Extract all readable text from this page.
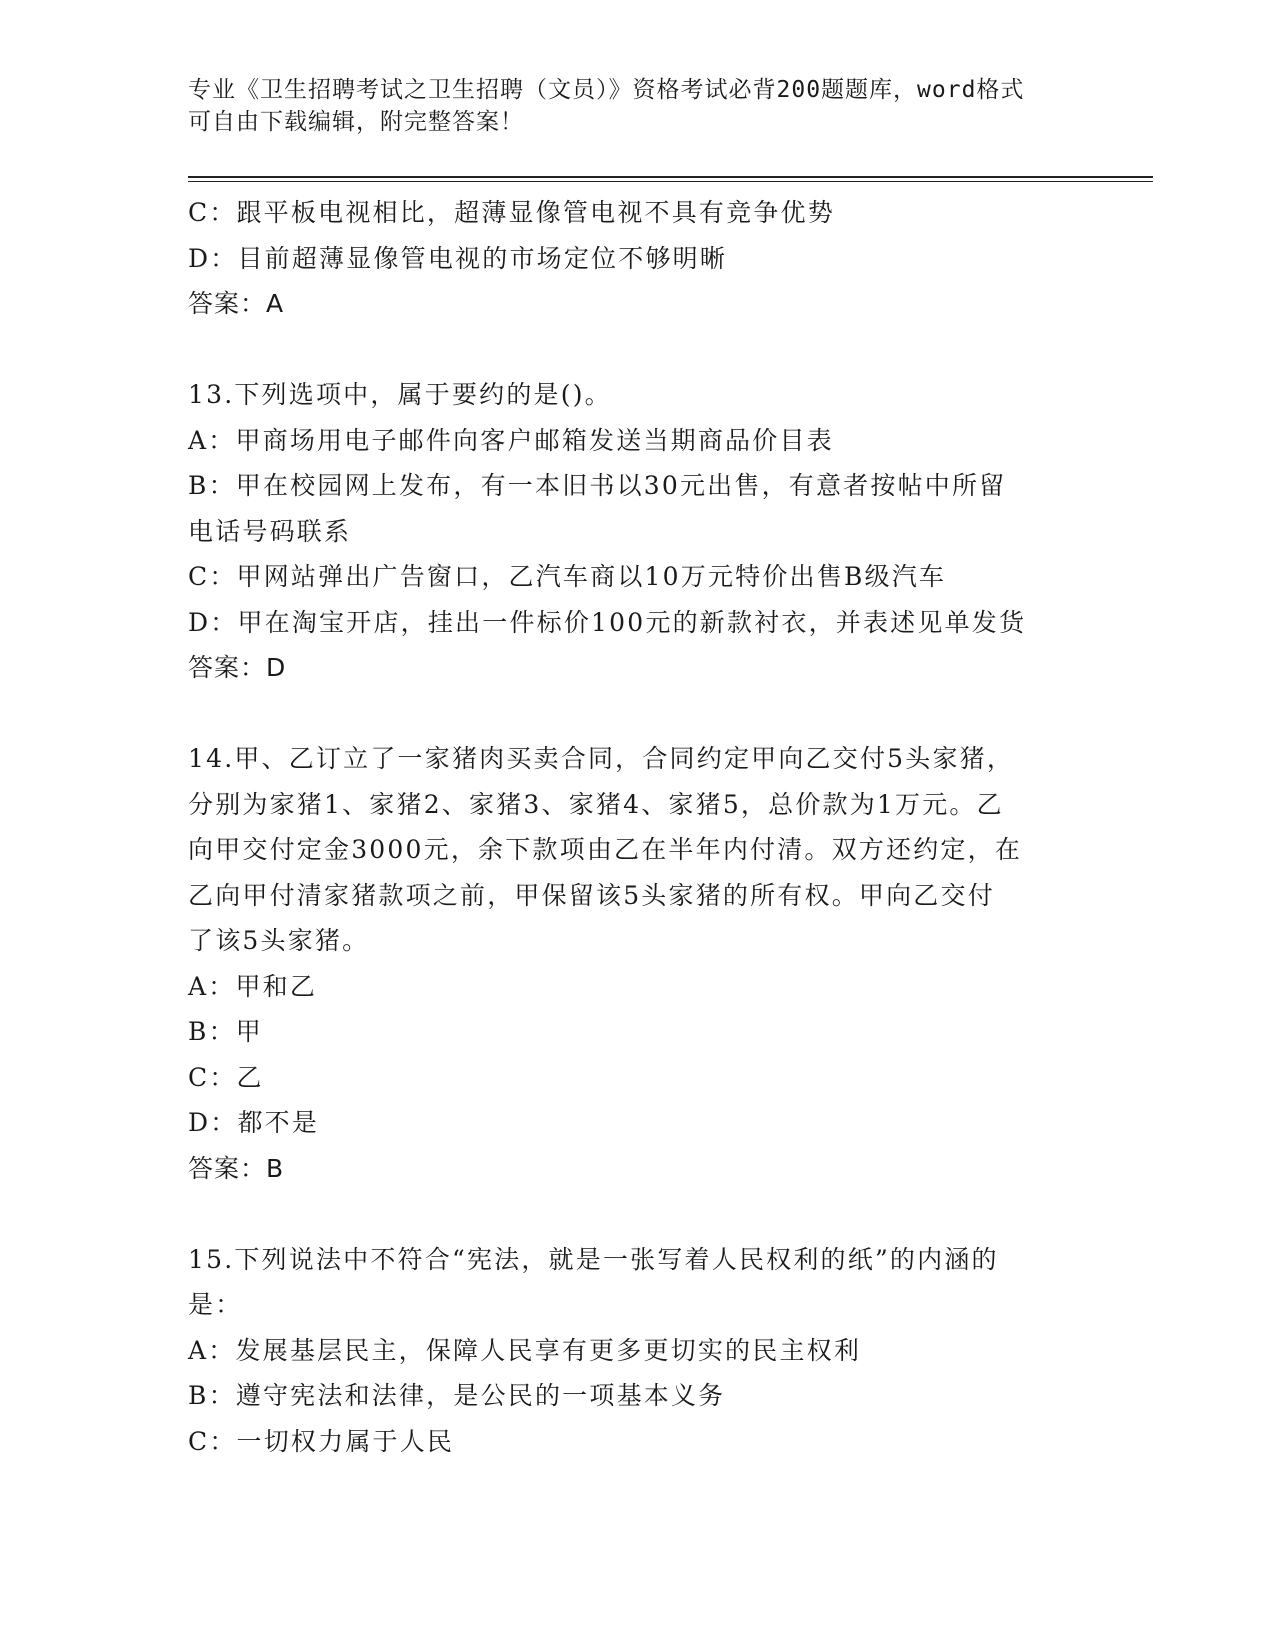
专业《卫生招聘考试之卫生招聘（文员）》资格考试必背200题题库，word格式
可自由下载编辑，附完整答案！
C：跟平板电视相比，超薄显像管电视不具有竞争优势
D：目前超薄显像管电视的市场定位不够明晰
答案：A
13.下列选项中，属于要约的是()。
A：甲商场用电子邮件向客户邮箱发送当期商品价目表
B：甲在校园网上发布，有一本旧书以30元出售，有意者按帖中所留
电话号码联系
C：甲网站弹出广告窗口，乙汽车商以10万元特价出售B级汽车
D：甲在淘宝开店，挂出一件标价100元的新款衬衣，并表述见单发货
答案：D
14.甲、乙订立了一家猪肉买卖合同，合同约定甲向乙交付5头家猪，
分别为家猪1、家猪2、家猪3、家猪4、家猪5，总价款为1万元。乙
向甲交付定金3000元，余下款项由乙在半年内付清。双方还约定，在
乙向甲付清家猪款项之前，甲保留该5头家猪的所有权。甲向乙交付
了该5头家猪。
A：甲和乙
B：甲
C：乙
D：都不是
答案：B
15.下列说法中不符合“宪法，就是一张写着人民权利的纸”的内涵的
是：
A：发展基层民主，保障人民享有更多更切实的民主权利
B：遵守宪法和法律，是公民的一项基本义务
C：一切权力属于人民
